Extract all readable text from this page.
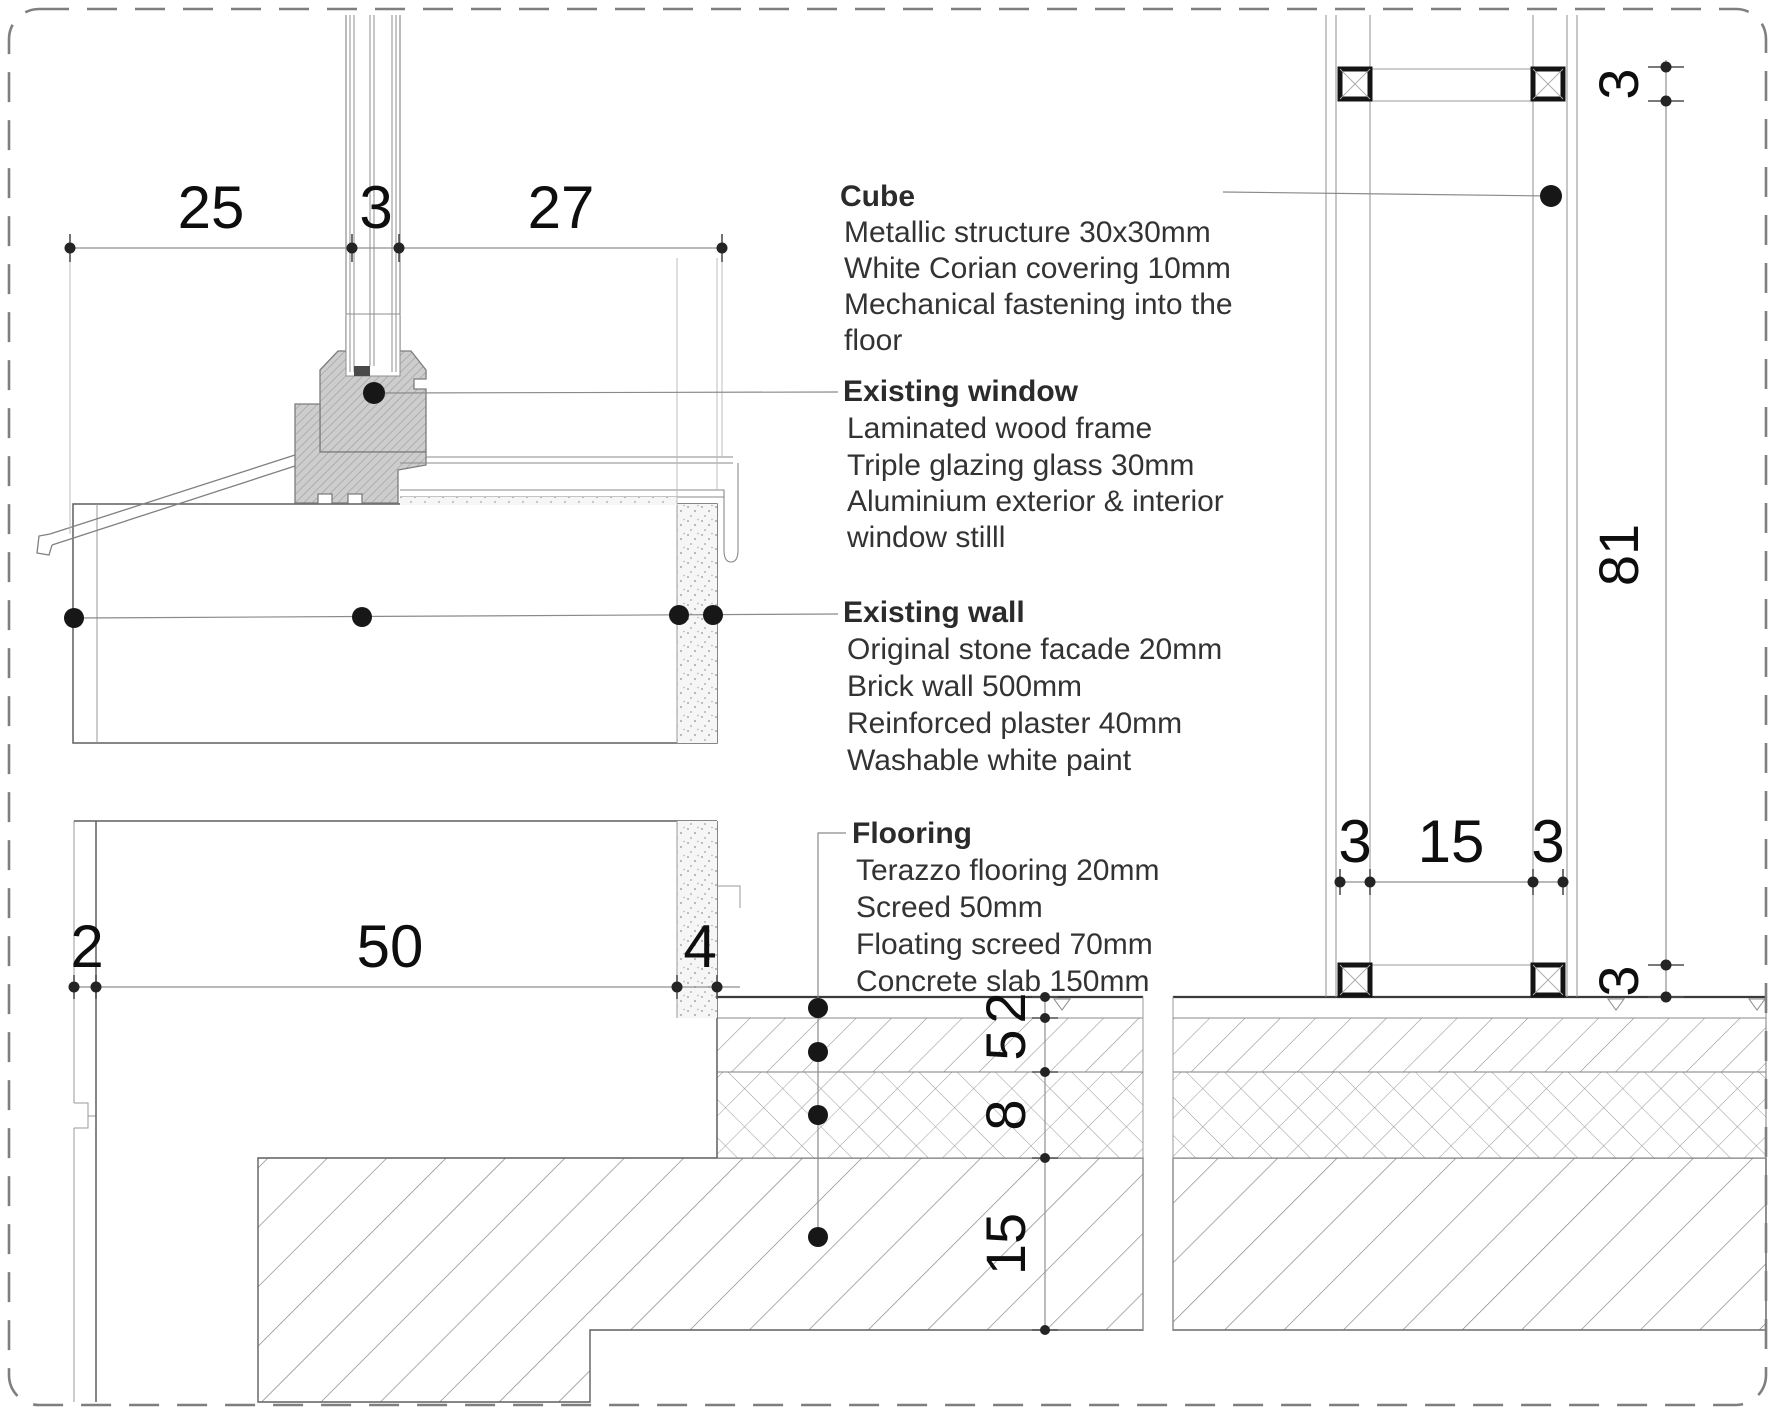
25 3 27
2	50	4
2
5
8
15
3 15 3
3
81
3
Cube
Metallic structure 30x30mm
White Corian covering 10mm
Mechanical fastening into the
floor
Existing window
Laminated wood frame
Triple glazing glass 30mm
Aluminium exterior & interior
window stilll
Existing wall
Original stone facade 20mm
Brick wall 500mm
Reinforced plaster 40mm
Washable white paint
Flooring
Terazzo flooring 20mm
Screed 50mm
Floating screed 70mm
Concrete slab 150mm
